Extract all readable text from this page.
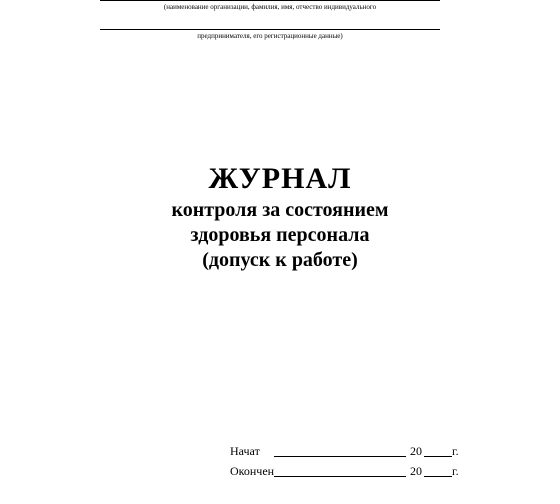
(наименование организации, фамилия, имя, отчество индивидуального
предпринимателя, его регистрационные данные)
ЖУРНАЛ
контроля за состоянием
здоровья персонала
(допуск к работе)
Начат	20	г.
Окончен	20	г.
